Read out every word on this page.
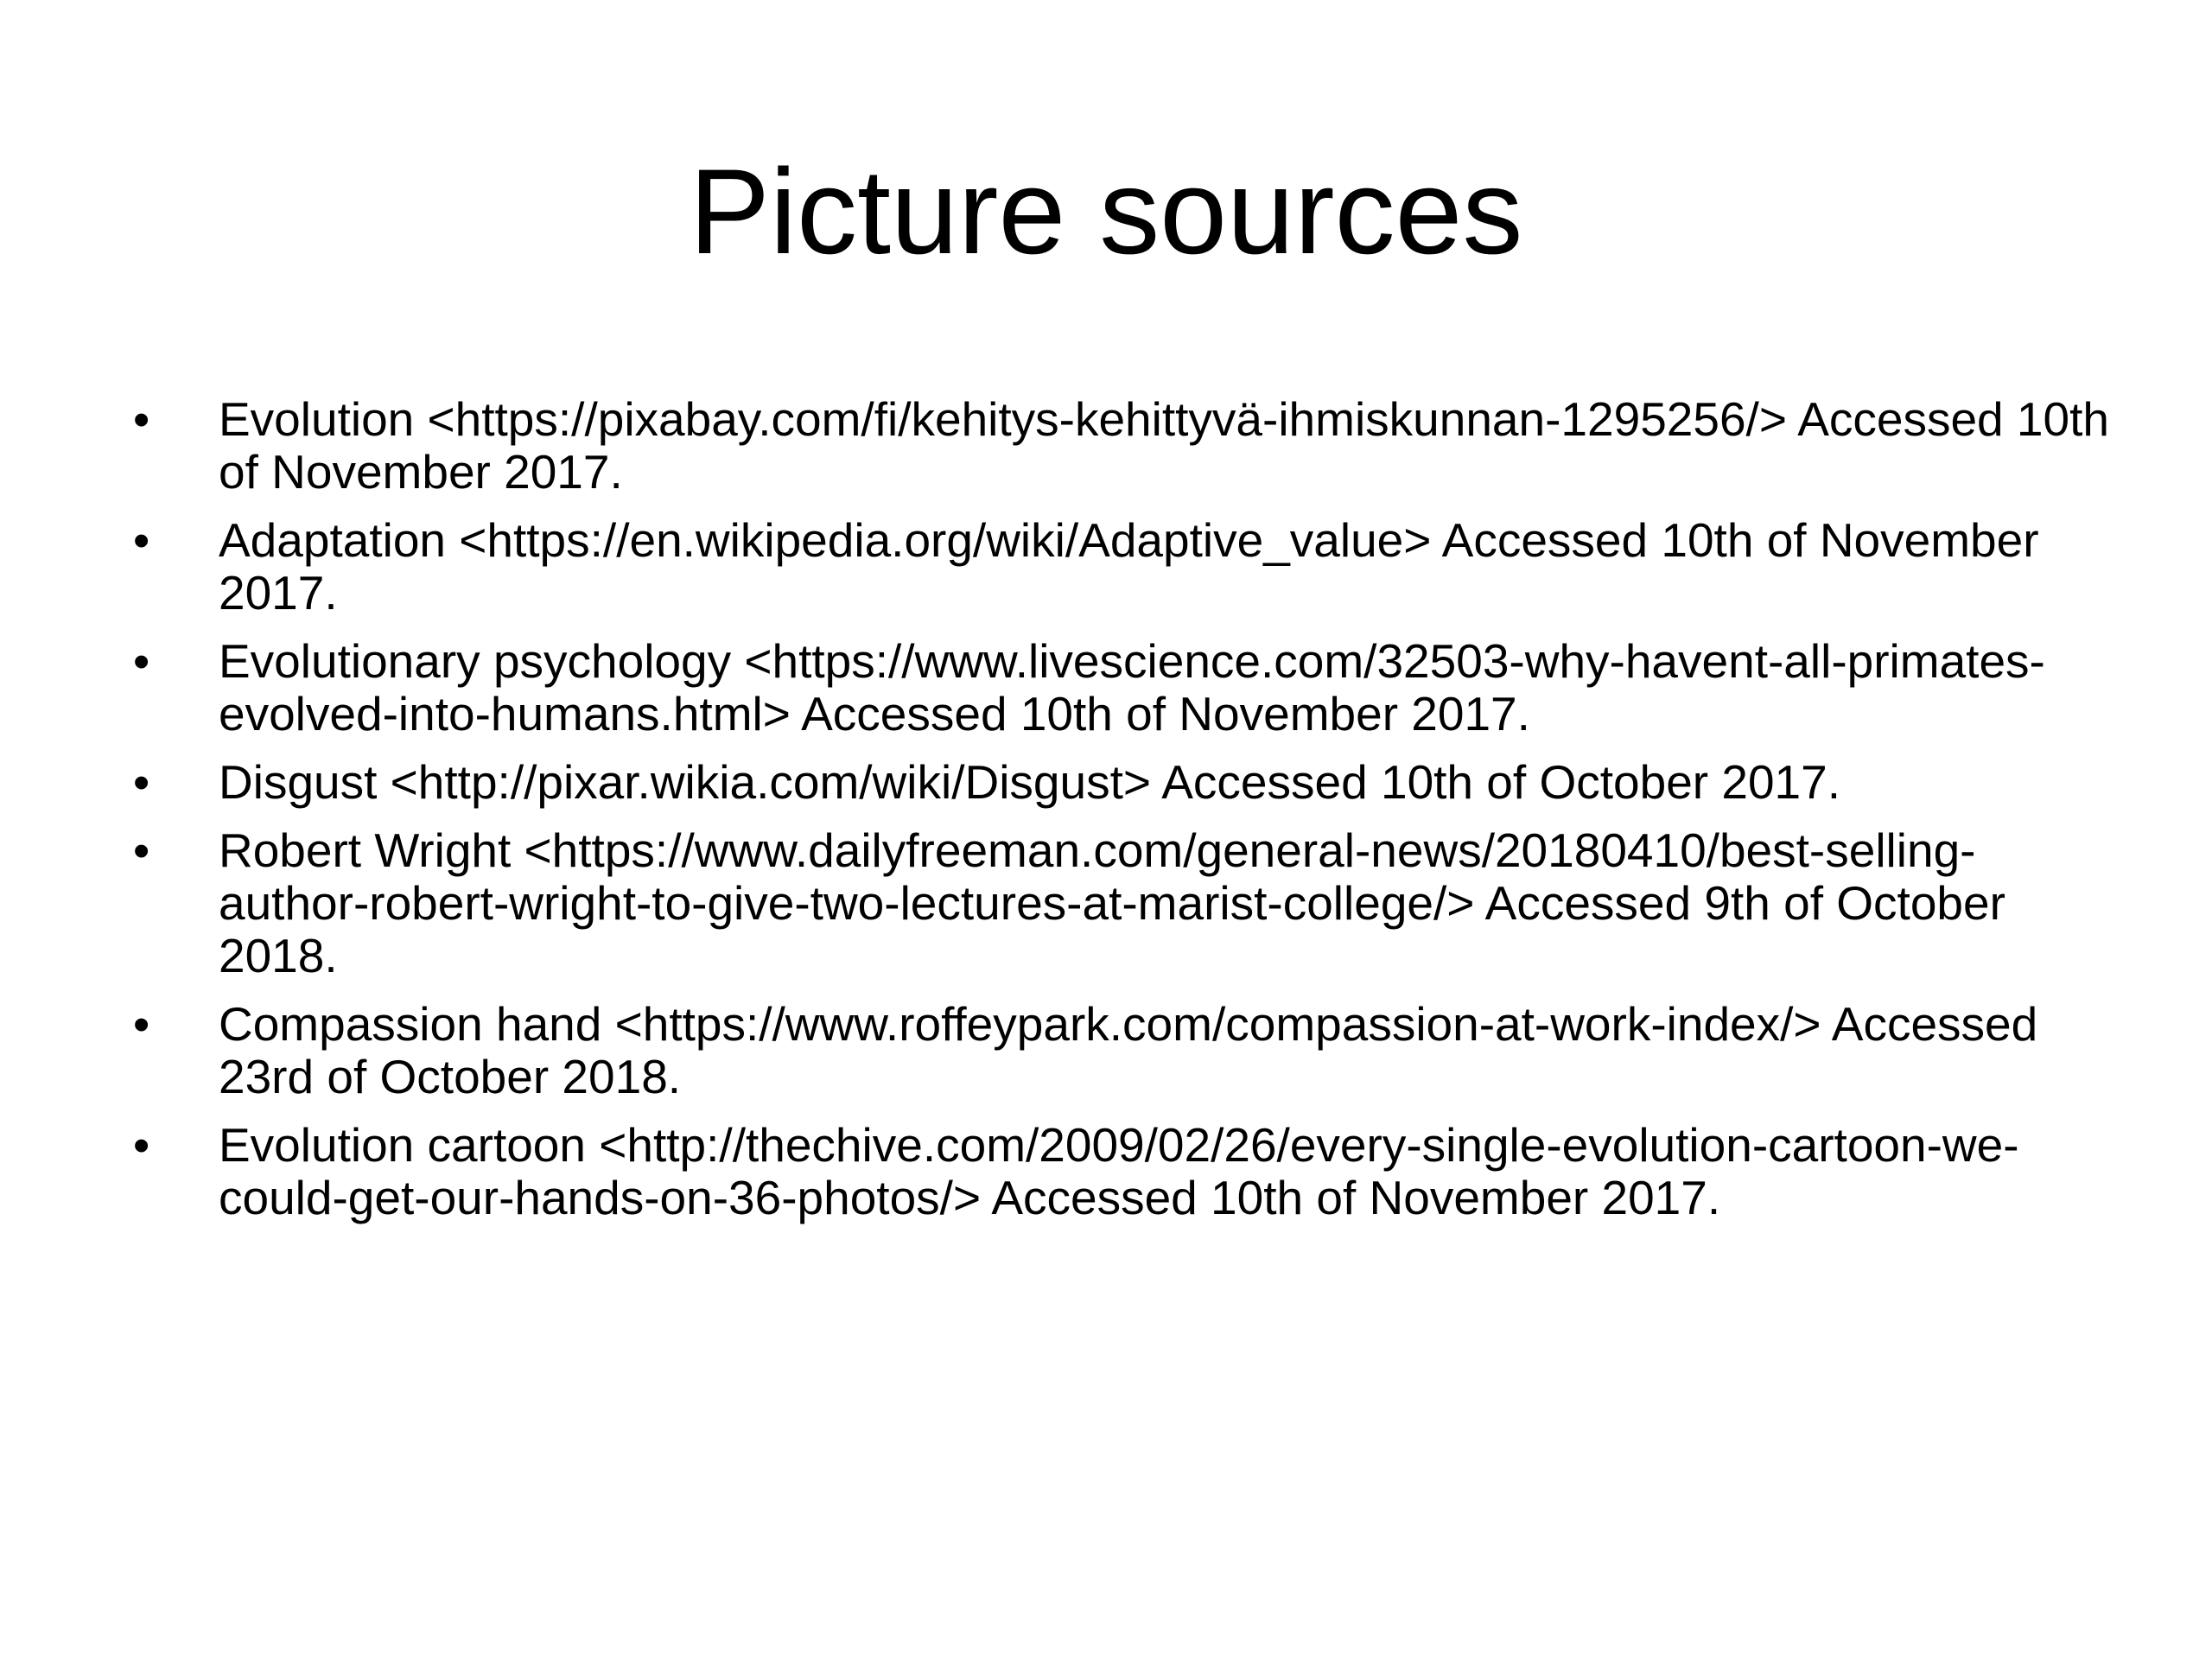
Picture sources
• Evolution <https://pixabay.com/fi/kehitys-kehittyvä-ihmiskunnan-1295256/> Accessed 10th of November 2017.
• Adaptation <https://en.wikipedia.org/wiki/Adaptive_value> Accessed 10th of November 2017.
• Evolutionary psychology <https://www.livescience.com/32503-why-havent-all-primates-evolved-into-humans.html> Accessed 10th of November 2017.
• Disgust <http://pixar.wikia.com/wiki/Disgust> Accessed 10th of October 2017.
• Robert Wright <https://www.dailyfreeman.com/general-news/20180410/best-selling-author-robert-wright-to-give-two-lectures-at-marist-college/> Accessed 9th of October 2018.
• Compassion hand <https://www.roffeypark.com/compassion-at-work-index/> Accessed 23rd of October 2018.
• Evolution cartoon <http://thechive.com/2009/02/26/every-single-evolution-cartoon-we-could-get-our-hands-on-36-photos/> Accessed 10th of November 2017.
